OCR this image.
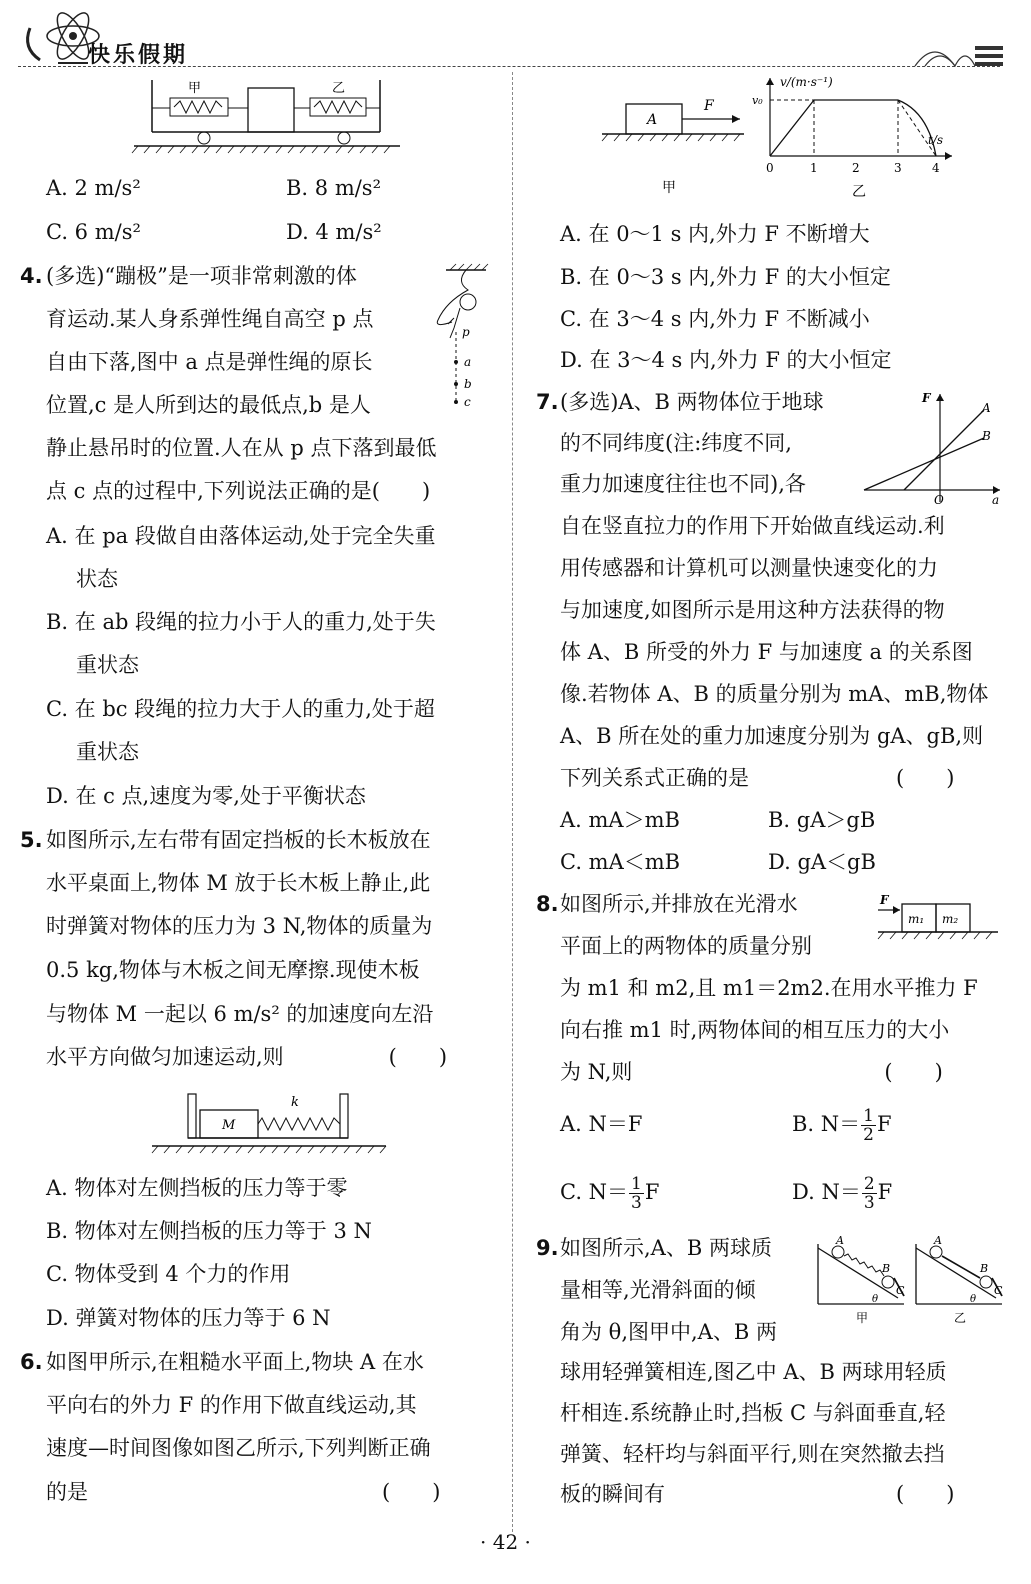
快乐假期
甲	乙
A. 2 m/s²	B. 8 m/s²
C. 6 m/s²	D. 4 m/s²
4. (多选)“蹦极”是一项非常刺激的体
育运动.某人身系弹性绳自高空 p 点
自由下落,图中 a 点是弹性绳的原长
位置,c 是人所到达的最低点,b 是人
静止悬吊时的位置.人在从 p 点下落到最低
点 c 点的过程中,下列说法正确的是(　　)
p
a
b
c
A. 在 pa 段做自由落体运动,处于完全失重
状态
B. 在 ab 段绳的拉力小于人的重力,处于失
重状态
C. 在 bc 段绳的拉力大于人的重力,处于超
重状态
D. 在 c 点,速度为零,处于平衡状态
5. 如图所示,左右带有固定挡板的长木板放在
水平桌面上,物体 M 放于长木板上静止,此
时弹簧对物体的压力为 3 N,物体的质量为
0.5 kg,物体与木板之间无摩擦.现使木板
与物体 M 一起以 6 m/s² 的加速度向左沿
水平方向做匀加速运动,则　　　　　(　　)
M
k
A. 物体对左侧挡板的压力等于零
B. 物体对左侧挡板的压力等于 3 N
C. 物体受到 4 个力的作用
D. 弹簧对物体的压力等于 6 N
6. 如图甲所示,在粗糙水平面上,物块 A 在水
平向右的外力 F 的作用下做直线运动,其
速度—时间图像如图乙所示,下列判断正确
的是　　　　　　　　　　　　　　(　　)
A
F
甲
v/(m·s⁻¹)
v₀
t/s
0	1	2	3	4
乙
A. 在 0～1 s 内,外力 F 不断增大
B. 在 0～3 s 内,外力 F 的大小恒定
C. 在 3～4 s 内,外力 F 不断减小
D. 在 3～4 s 内,外力 F 的大小恒定
7. (多选)A、B 两物体位于地球
的不同纬度(注:纬度不同,
重力加速度往往也不同),各
自在竖直拉力的作用下开始做直线运动.利
用传感器和计算机可以测量快速变化的力
与加速度,如图所示是用这种方法获得的物
体 A、B 所受的外力 F 与加速度 a 的关系图
像.若物体 A、B 的质量分别为 mA、mB,物体
A、B 所在处的重力加速度分别为 gA、gB,则
下列关系式正确的是　　　　　　　(　　)
F
A
B
O	a
A. mA＞mB	B. gA＞gB
C. mA＜mB	D. gA＜gB
8. 如图所示,并排放在光滑水
平面上的两物体的质量分别
为 m1 和 m2,且 m1＝2m2.在用水平推力 F
向右推 m1 时,两物体间的相互压力的大小
为 N,则　　　　　　　　　　　　(　　)
F
m₁ m₂
A. N＝F	B. $N= \frac{1}{2}$ F
C. $N= \frac{1}{3}$ F	D. $N= \frac{2}{3}$ F
9. 如图所示,A、B 两球质
量相等,光滑斜面的倾
角为 θ,图甲中,A、B 两
球用轻弹簧相连,图乙中 A、B 两球用轻质
杆相连.系统静止时,挡板 C 与斜面垂直,轻
弹簧、轻杆均与斜面平行,则在突然撤去挡
板的瞬间有　　　　　　　　　　　(　　)
A
B
C
θ
甲
A
B
C
θ
乙
· 42 ·
